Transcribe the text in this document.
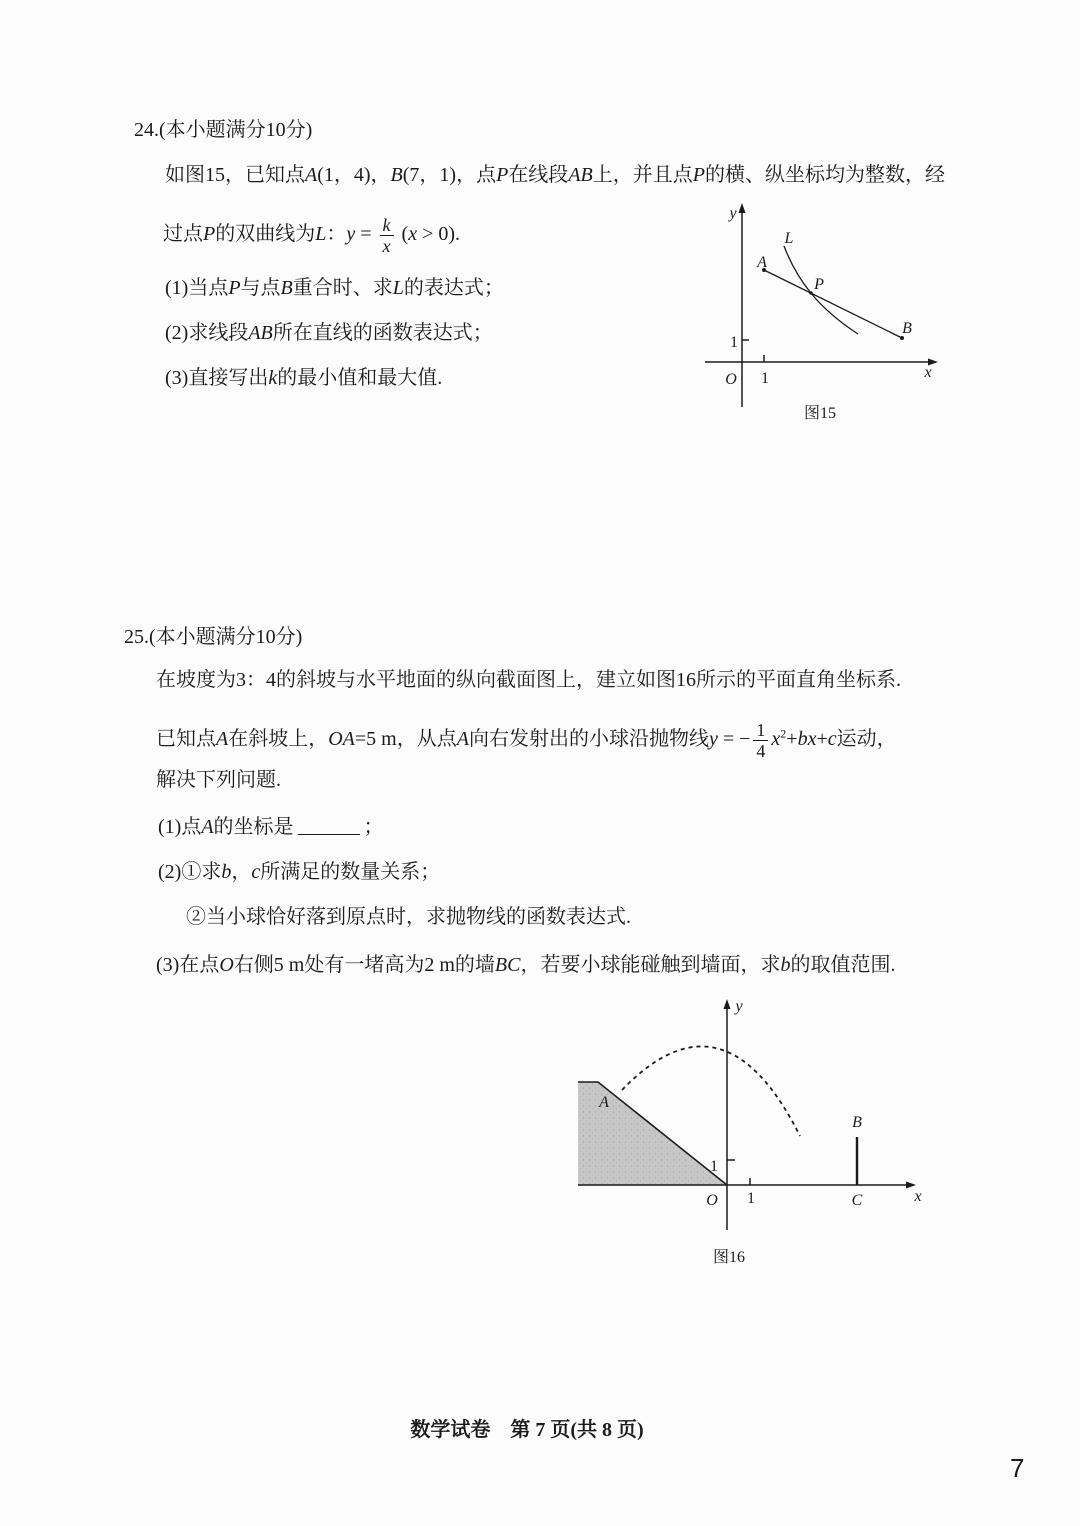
24.(本小题满分10分)
如图15，已知点A(1，4)，B(7，1)，点P在线段AB上，并且点P的横、纵坐标均为整数，经
过点P的双曲线为L：$y = \frac{k}{x} (x > 0)$.
(1)当点P与点B重合时、求L的表达式；
(2)求线段AB所在直线的函数表达式；
(3)直接写出k的最小值和最大值.
y
x
O 1
1
A
B
P
L
图15
25.(本小题满分10分)
在坡度为3：4的斜坡与水平地面的纵向截面图上，建立如图16所示的平面直角坐标系.
已知点A在斜坡上，OA=5 m，从点A向右发射出的小球沿抛物线y = − $\frac{1}{4} x^2+bx+c$运动，
解决下列问题.
(1)点A的坐标是	；
(2)①求b，c所满足的数量关系；
②当小球恰好落到原点时，求抛物线的函数表达式.
(3)在点O右侧5 m处有一堵高为2 m的墙BC，若要小球能碰触到墙面，求b的取值范围.
y
x
O 1
1
A
B
C
图16
数学试卷　第 7 页(共 8 页)
7
